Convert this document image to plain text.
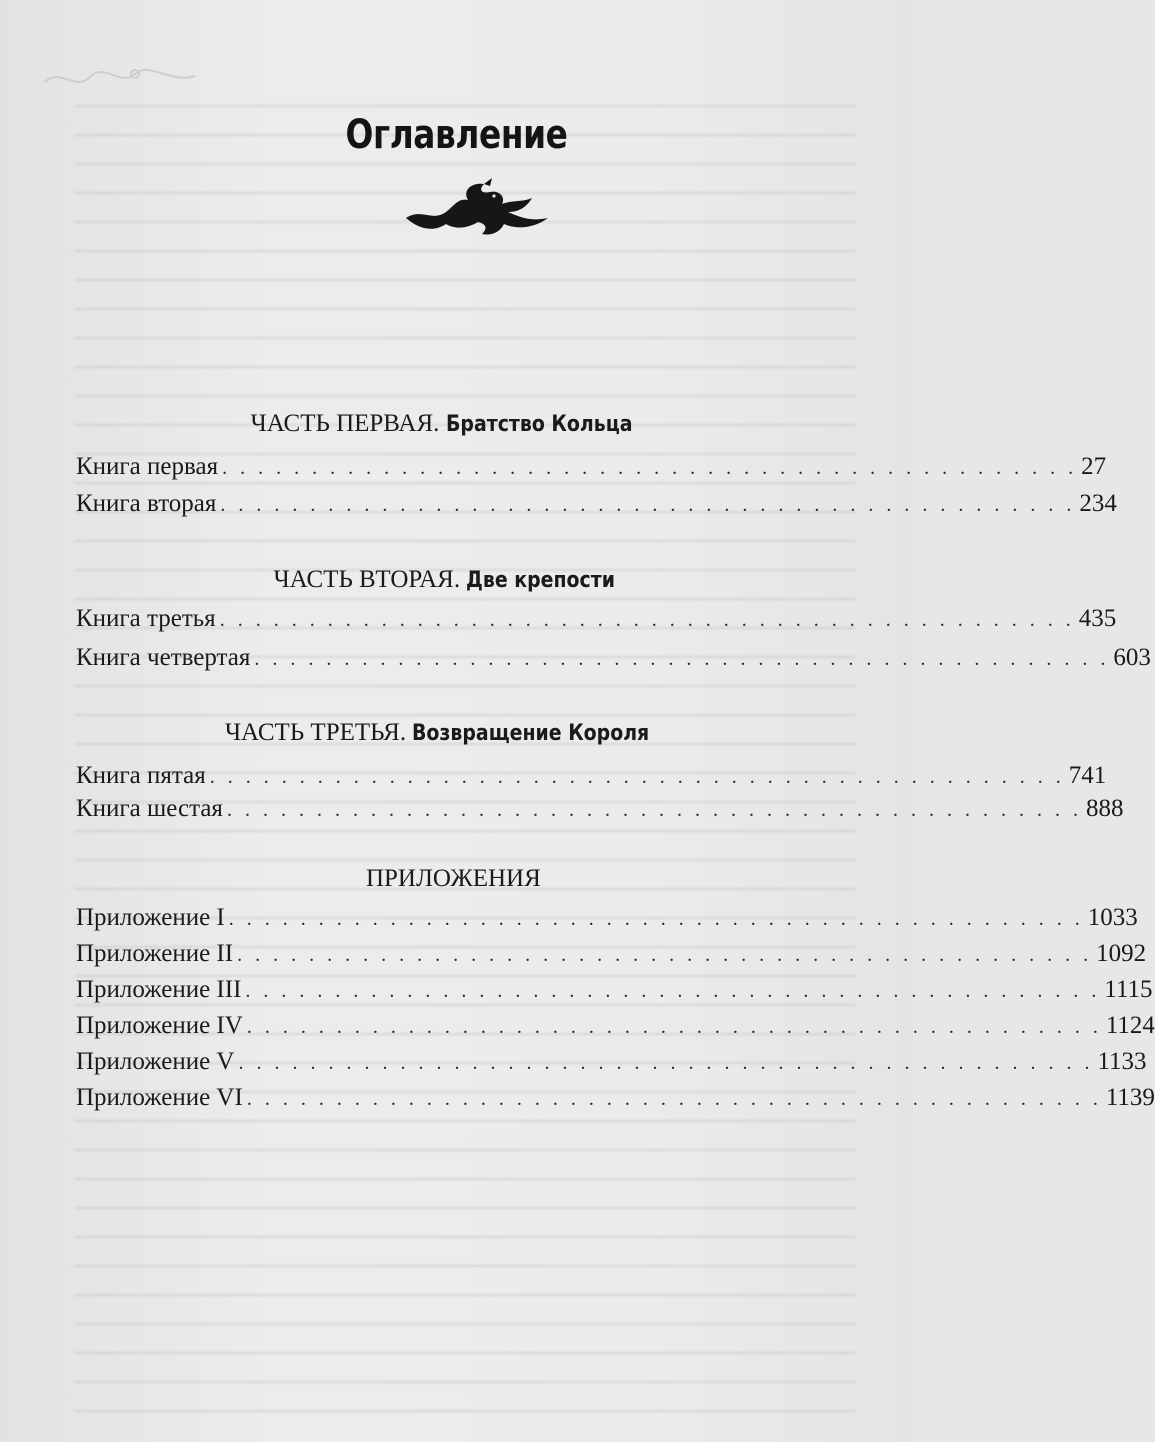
Оглавление
ЧАСТЬ ПЕРВАЯ. Братство Кольца
Книга первая . . . . . . . . . . . . . . . . . . . . . . . . . . . . . . . . . . . . . . . . . . . . . . . . 27
Книга вторая . . . . . . . . . . . . . . . . . . . . . . . . . . . . . . . . . . . . . . . . . . . . . . . . 234
ЧАСТЬ ВТОРАЯ. Две крепости
Книга третья . . . . . . . . . . . . . . . . . . . . . . . . . . . . . . . . . . . . . . . . . . . . . . . . 435
Книга четвертая . . . . . . . . . . . . . . . . . . . . . . . . . . . . . . . . . . . . . . . . . . . . . . . . 603
ЧАСТЬ ТРЕТЬЯ. Возвращение Короля
Книга пятая . . . . . . . . . . . . . . . . . . . . . . . . . . . . . . . . . . . . . . . . . . . . . . . . 741
Книга шестая . . . . . . . . . . . . . . . . . . . . . . . . . . . . . . . . . . . . . . . . . . . . . . . . 888
ПРИЛОЖЕНИЯ
Приложение I . . . . . . . . . . . . . . . . . . . . . . . . . . . . . . . . . . . . . . . . . . . . . . . . 1033
Приложение II . . . . . . . . . . . . . . . . . . . . . . . . . . . . . . . . . . . . . . . . . . . . . . . . 1092
Приложение III . . . . . . . . . . . . . . . . . . . . . . . . . . . . . . . . . . . . . . . . . . . . . . . . 1115
Приложение IV . . . . . . . . . . . . . . . . . . . . . . . . . . . . . . . . . . . . . . . . . . . . . . . . 1124
Приложение V . . . . . . . . . . . . . . . . . . . . . . . . . . . . . . . . . . . . . . . . . . . . . . . . 1133
Приложение VI . . . . . . . . . . . . . . . . . . . . . . . . . . . . . . . . . . . . . . . . . . . . . . . . 1139
